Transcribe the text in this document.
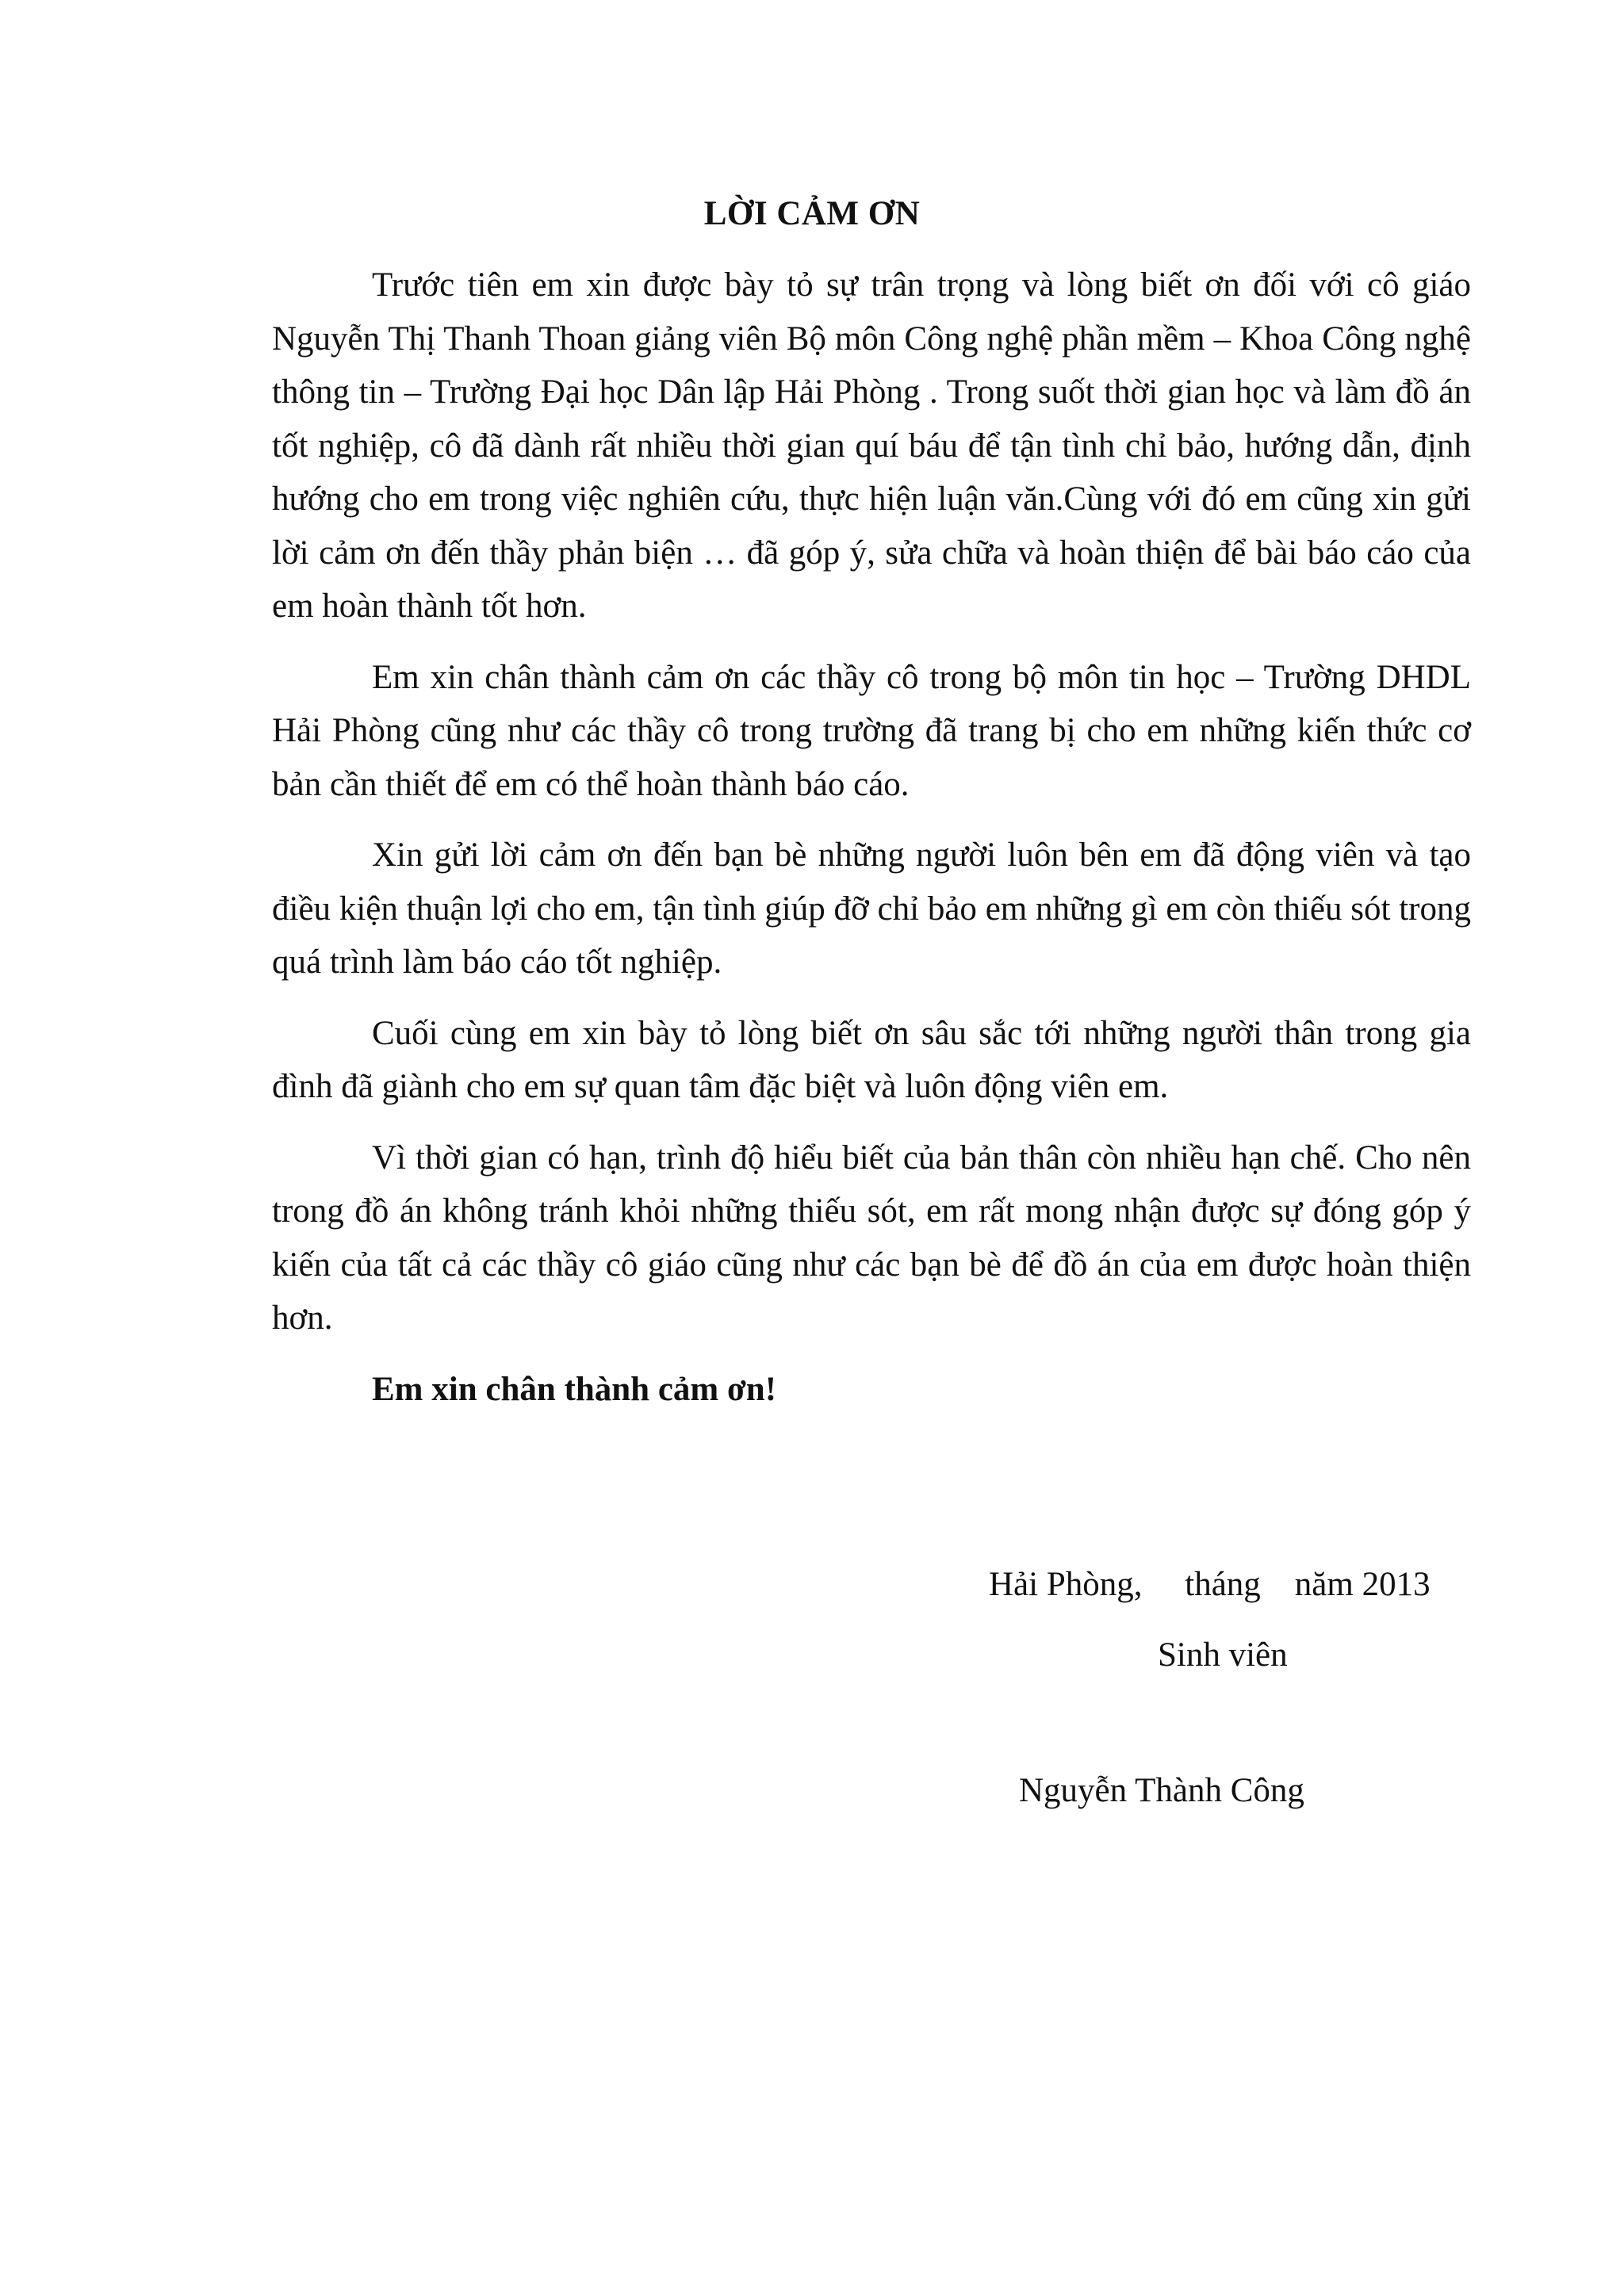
LỜI CẢM ƠN

Trước tiên em xin được bày tỏ sự trân trọng và lòng biết ơn đối với cô giáo Nguyễn Thị Thanh Thoan giảng viên Bộ môn Công nghệ phần mềm – Khoa Công nghệ thông tin – Trường Đại học Dân lập Hải Phòng . Trong suốt thời gian học và làm đồ án tốt nghiệp, cô đã dành rất nhiều thời gian quí báu để tận tình chỉ bảo, hướng dẫn, định hướng cho em trong việc nghiên cứu, thực hiện luận văn.Cùng với đó em cũng xin gửi lời cảm ơn đến thầy phản biện … đã góp ý, sửa chữa và hoàn thiện để bài báo cáo của em hoàn thành tốt hơn.

Em xin chân thành cảm ơn các thầy cô trong bộ môn tin học – Trường DHDL Hải Phòng cũng như các thầy cô trong trường đã trang bị cho em những kiến thức cơ bản cần thiết để em có thể hoàn thành báo cáo.

Xin gửi lời cảm ơn đến bạn bè những người luôn bên em đã động viên và tạo điều kiện thuận lợi cho em, tận tình giúp đỡ chỉ bảo em những gì em còn thiếu sót trong quá trình làm báo cáo tốt nghiệp.

Cuối cùng em xin bày tỏ lòng biết ơn sâu sắc tới những người thân trong gia đình đã giành cho em sự quan tâm đặc biệt và luôn động viên em.

Vì thời gian có hạn, trình độ hiểu biết của bản thân còn nhiều hạn chế. Cho nên trong đồ án không tránh khỏi những thiếu sót, em rất mong nhận được sự đóng góp ý kiến của tất cả các thầy cô giáo cũng như các bạn bè để đồ án của em được hoàn thiện hơn.

Em xin chân thành cảm ơn!

Hải Phòng,     tháng    năm 2013
Sinh viên
Nguyễn Thành Công
